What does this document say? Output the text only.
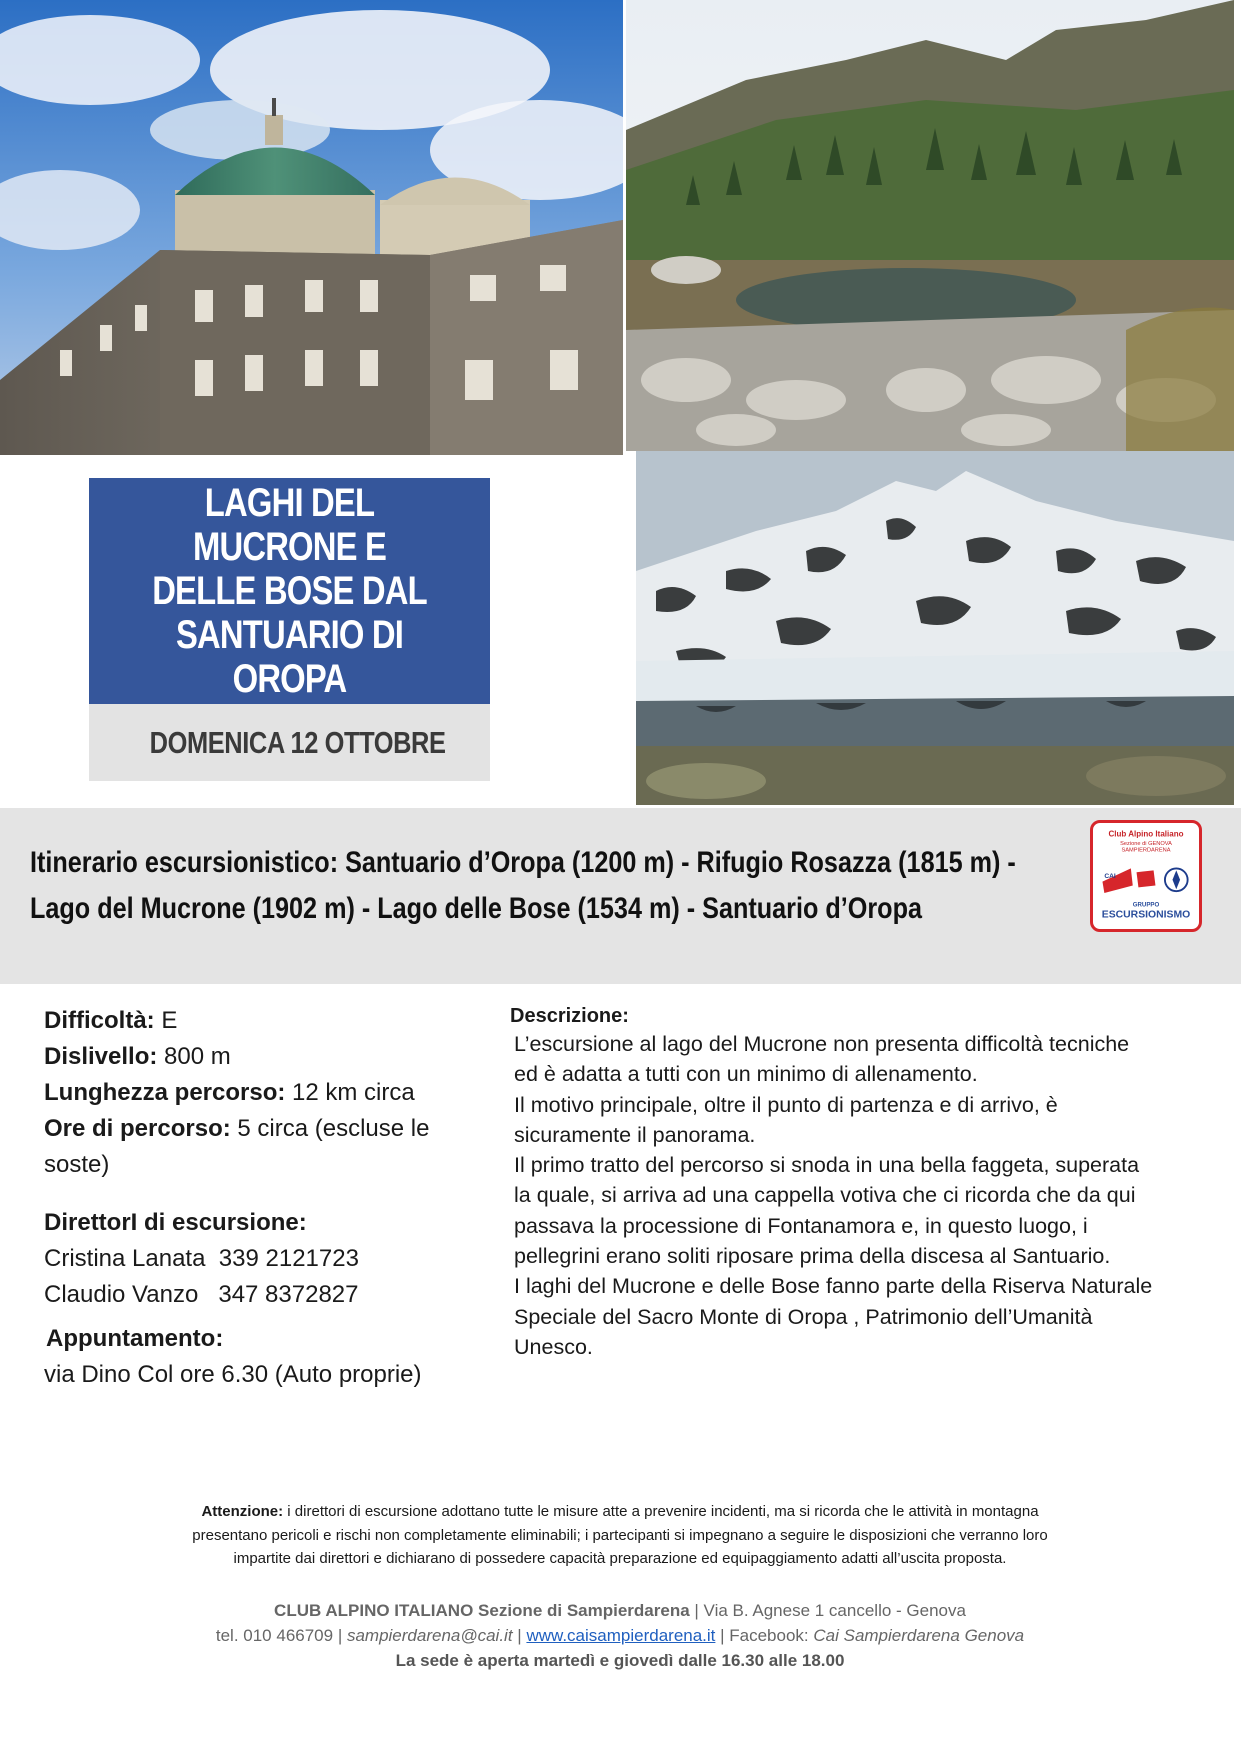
LAGHI DEL MUCRONE E
DELLE BOSE DAL
SANTUARIO DI OROPA
DOMENICA 12 OTTOBRE
Itinerario escursionistico: Santuario d’Oropa (1200 m) - Rifugio Rosazza (1815 m) -
Lago del Mucrone (1902 m) - Lago delle Bose (1534 m) - Santuario d’Oropa
Club Alpino Italiano
Sezione di GENOVA
SAMPIERDARENA
CAI
GRUPPO
ESCURSIONISMO
Difficoltà: E
Dislivello: 800 m
Lunghezza percorso: 12 km circa
Ore di percorso: 5 circa (escluse le
soste)
DirettorI di escursione:
Cristina Lanata 339 2121723
Claudio Vanzo 347 8372827
Appuntamento:
via Dino Col ore 6.30 (Auto proprie)
Descrizione:
L’escursione al lago del Mucrone non presenta difficoltà tecniche
ed è adatta a tutti con un minimo di allenamento.
Il motivo principale, oltre il punto di partenza e di arrivo, è
sicuramente il panorama.
Il primo tratto del percorso si snoda in una bella faggeta, superata
la quale, si arriva ad una cappella votiva che ci ricorda che da qui
passava la processione di Fontanamora e, in questo luogo, i
pellegrini erano soliti riposare prima della discesa al Santuario.
I laghi del Mucrone e delle Bose fanno parte della Riserva Naturale
Speciale del Sacro Monte di Oropa , Patrimonio dell’Umanità
Unesco.
Attenzione: i direttori di escursione adottano tutte le misure atte a prevenire incidenti, ma si ricorda che le attività in montagna
presentano pericoli e rischi non completamente eliminabili; i partecipanti si impegnano a seguire le disposizioni che verranno loro
impartite dai direttori e dichiarano di possedere capacità preparazione ed equipaggiamento adatti all’uscita proposta.
CLUB ALPINO ITALIANO Sezione di Sampierdarena | Via B. Agnese 1 cancello - Genova
tel. 010 466709 | sampierdarena@cai.it | www.caisampierdarena.it | Facebook: Cai Sampierdarena Genova
La sede è aperta martedì e giovedì dalle 16.30 alle 18.00
